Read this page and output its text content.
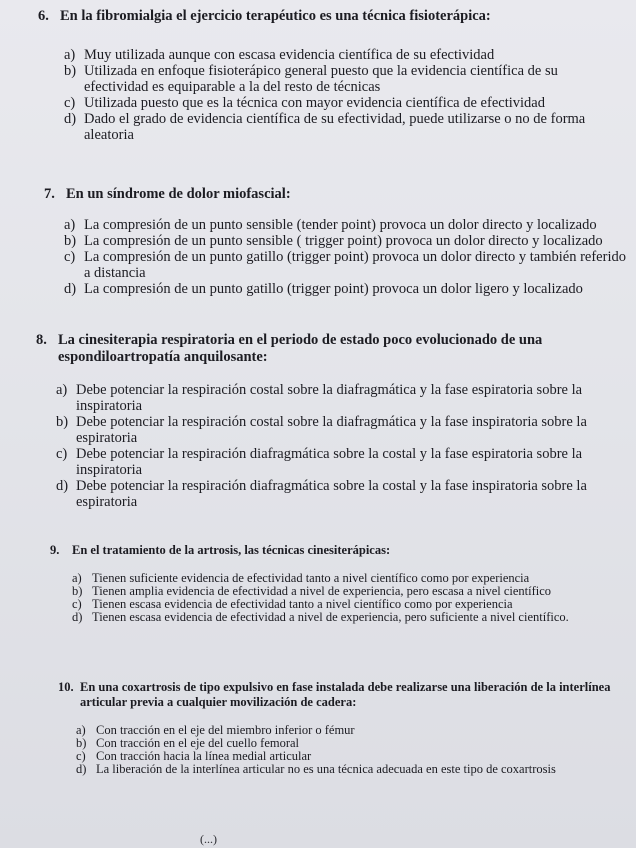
6. En la fibromialgia el ejercicio terapéutico es una técnica fisioterápica:
a) Muy utilizada aunque con escasa evidencia científica de su efectividad
b) Utilizada en enfoque fisioterápico general puesto que la evidencia científica de su efectividad es equiparable a la del resto de técnicas
c) Utilizada puesto que es la técnica con mayor evidencia científica de efectividad
d) Dado el grado de evidencia científica de su efectividad, puede utilizarse o no de forma aleatoria
7. En un síndrome de dolor miofascial:
a) La compresión de un punto sensible (tender point) provoca un dolor directo y localizado
b) La compresión de un punto sensible ( trigger point) provoca un dolor directo y localizado
c) La compresión de un punto gatillo (trigger point) provoca un dolor directo y también referido a distancia
d) La compresión de un punto gatillo (trigger point) provoca un dolor ligero y localizado
8. La cinesiterapia respiratoria en el periodo de estado poco evolucionado de una espondiloartropatía anquilosante:
a) Debe potenciar la respiración costal sobre la diafragmática y la fase espiratoria sobre la inspiratoria
b) Debe potenciar la respiración costal sobre la diafragmática y la fase inspiratoria sobre la espiratoria
c) Debe potenciar la respiración diafragmática sobre la costal y la fase espiratoria sobre la inspiratoria
d) Debe potenciar la respiración diafragmática sobre la costal y la fase inspiratoria sobre la espiratoria
9.	En el tratamiento de la artrosis, las técnicas cinesiterápicas:
a) Tienen suficiente evidencia de efectividad tanto a nivel científico como por experiencia
b) Tienen amplia evidencia de efectividad a nivel de experiencia, pero escasa a nivel científico
c) Tienen escasa evidencia de efectividad tanto a nivel científico como por experiencia
d) Tienen escasa evidencia de efectividad a nivel de experiencia, pero suficiente a nivel científico.
10. En una coxartrosis de tipo expulsivo en fase instalada debe realizarse una liberación de la interlínea articular previa a cualquier movilización de cadera:
a) Con tracción en el eje del miembro inferior o fémur
b) Con tracción en el eje del cuello femoral
c) Con tracción hacia la línea medial articular
d) La liberación de la interlínea articular no es una técnica adecuada en este tipo de coxartrosis
(...)
